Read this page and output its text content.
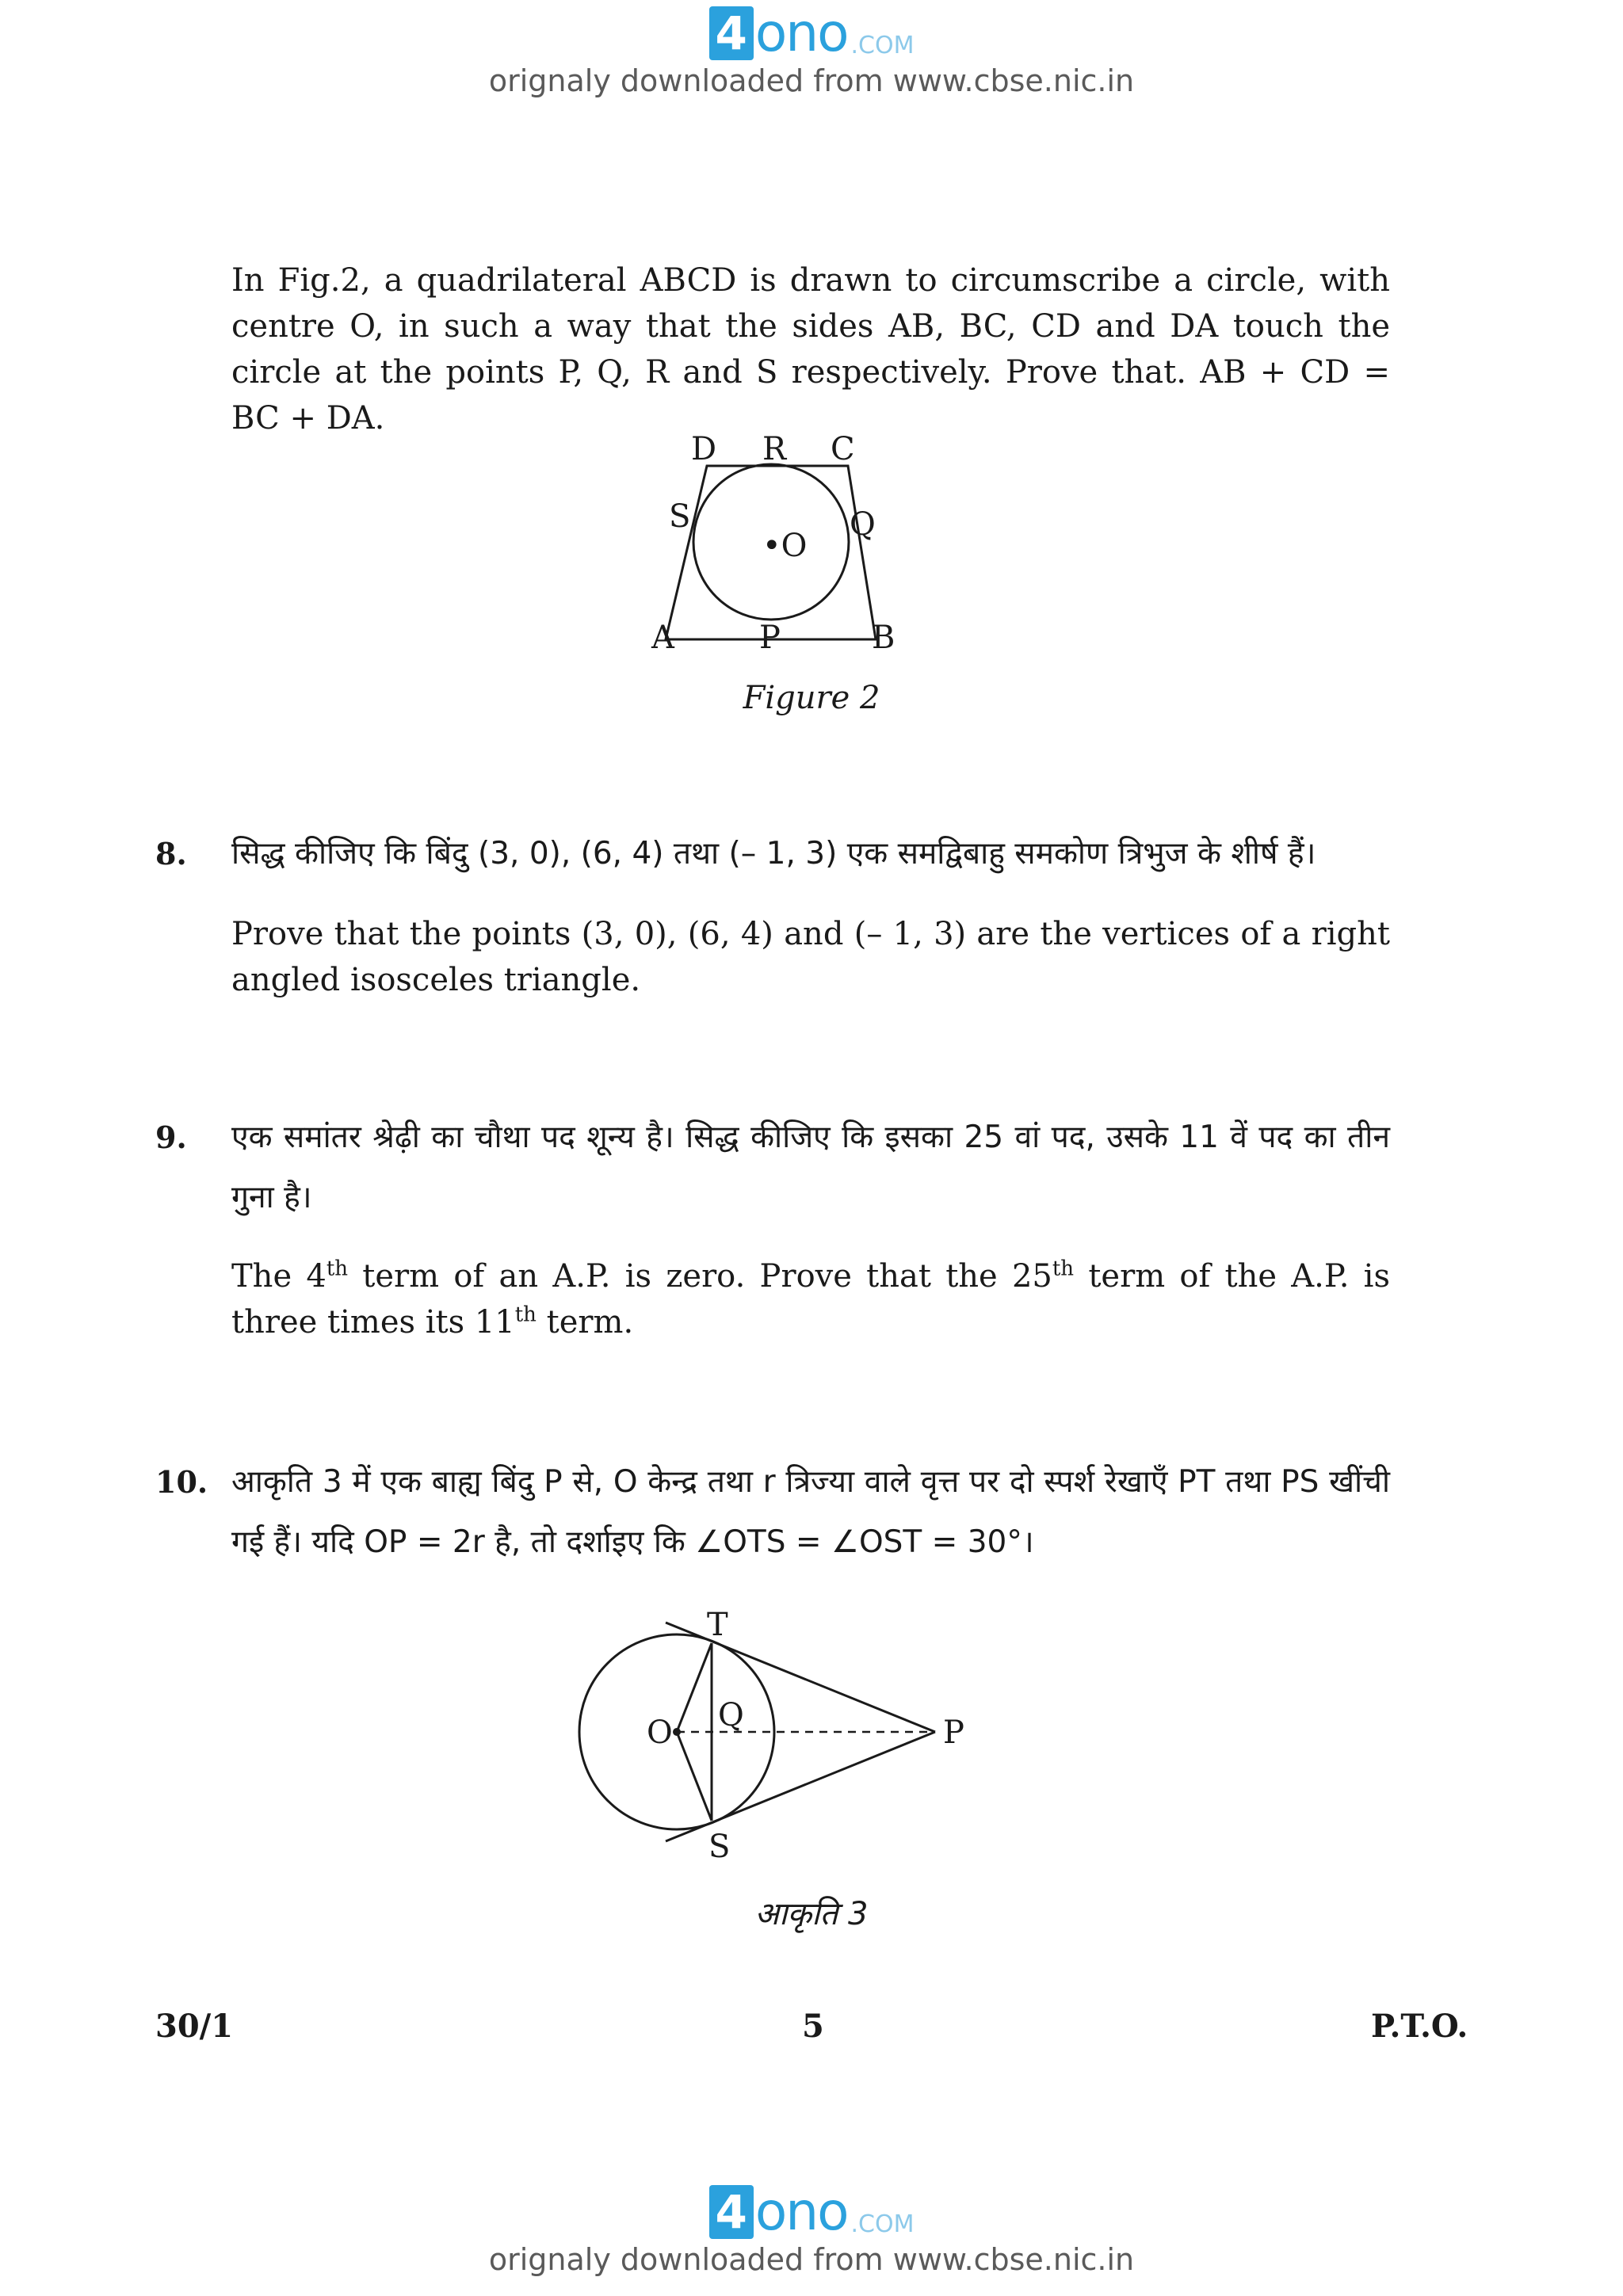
4 ono .COM
orignaly downloaded from www.cbse.nic.in
In Fig.2, a quadrilateral ABCD is drawn to circumscribe a circle, with centre O, in such a way that the sides AB, BC, CD and DA touch the circle at the points P, Q, R and S respectively. Prove that. AB + CD = BC + DA.
D R C
S	Q
•O
A	P	B
Figure 2
8. सिद्ध कीजिए कि बिंदु (3, 0), (6, 4) तथा (– 1, 3) एक समद्विबाहु समकोण त्रिभुज के शीर्ष हैं।
Prove that the points (3, 0), (6, 4) and (– 1, 3) are the vertices of a right angled isosceles triangle.
9. एक समांतर श्रेढ़ी का चौथा पद शून्य है। सिद्ध कीजिए कि इसका 25 वां पद, उसके 11 वें पद का तीन गुना है।
The 4th term of an A.P. is zero. Prove that the 25th term of the A.P. is three times its 11th term.
10. आकृति 3 में एक बाह्य बिंदु P से, O केन्द्र तथा r त्रिज्या वाले वृत्त पर दो स्पर्श रेखाएँ PT तथा PS खींची गई हैं। यदि OP = 2r है, तो दर्शाइए कि ∠OTS = ∠OST = 30°।
T
O Q	P
S
आकृति 3
30/1	5	P.T.O.
4 ono .COM
orignaly downloaded from www.cbse.nic.in
